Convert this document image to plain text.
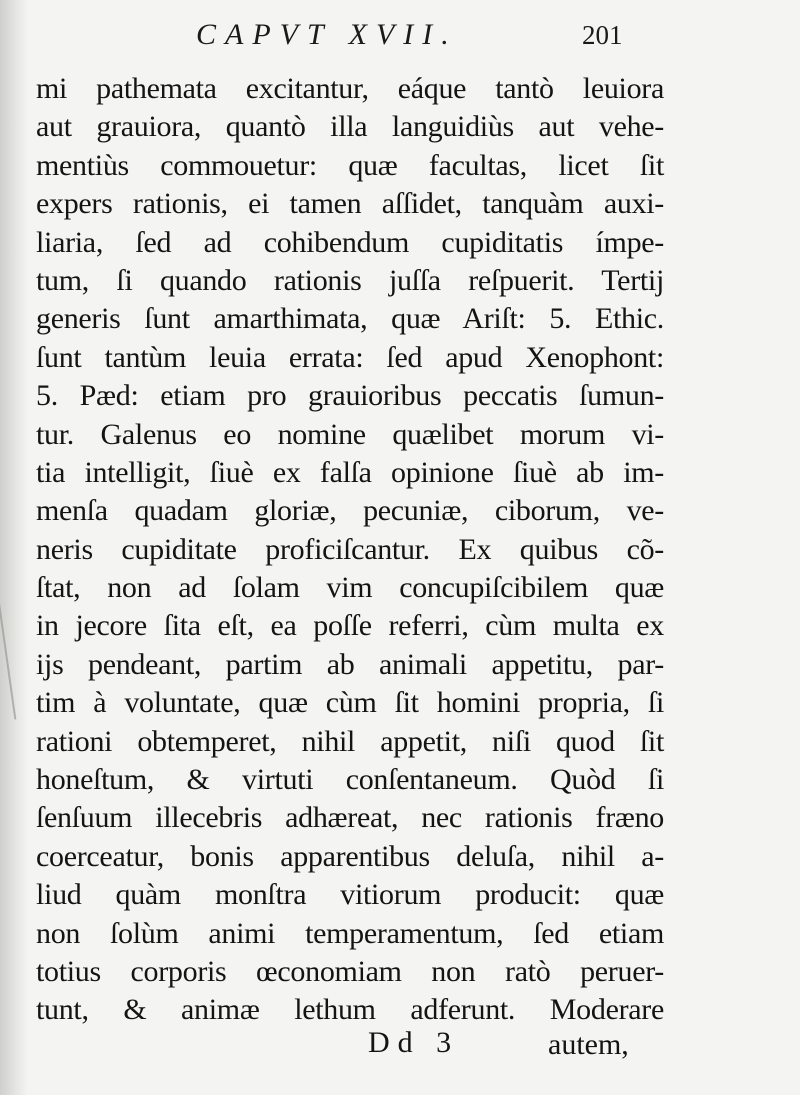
CAPVT XVII.	201
mi pathemata excitantur, eáque tantò leuiora
aut grauiora, quantò illa languidiùs aut vehe-
mentiùs commouetur: quæ facultas, licet ſit
expers rationis, ei tamen aſſidet, tanquàm auxi-
liaria, ſed ad cohibendum cupiditatis ímpe-
tum, ſi quando rationis juſſa reſpuerit. Tertij
generis ſunt amarthimata, quæ Ariſt: 5. Ethic.
ſunt tantùm leuia errata: ſed apud Xenophont:
5. Pæd: etiam pro grauioribus peccatis ſumun-
tur. Galenus eo nomine quælibet morum vi-
tia intelligit, ſiuè ex falſa opinione ſiuè ab im-
menſa quadam gloriæ, pecuniæ, ciborum, ve-
neris cupiditate proficiſcantur. Ex quibus cõ-
ſtat, non ad ſolam vim concupiſcibilem quæ
in jecore ſita eſt, ea poſſe referri, cùm multa ex
ijs pendeant, partim ab animali appetitu, par-
tim à voluntate, quæ cùm ſit homini propria, ſi
rationi obtemperet, nihil appetit, niſi quod ſit
honeſtum, & virtuti conſentaneum. Quòd ſi
ſenſuum illecebris adhæreat, nec rationis fræno
coerceatur, bonis apparentibus deluſa, nihil a-
liud quàm monſtra vitiorum producit: quæ
non ſolùm animi temperamentum, ſed etiam
totius corporis œconomiam non ratò peruer-
tunt, & animæ lethum adferunt. Moderare
Dd 3	autem,
